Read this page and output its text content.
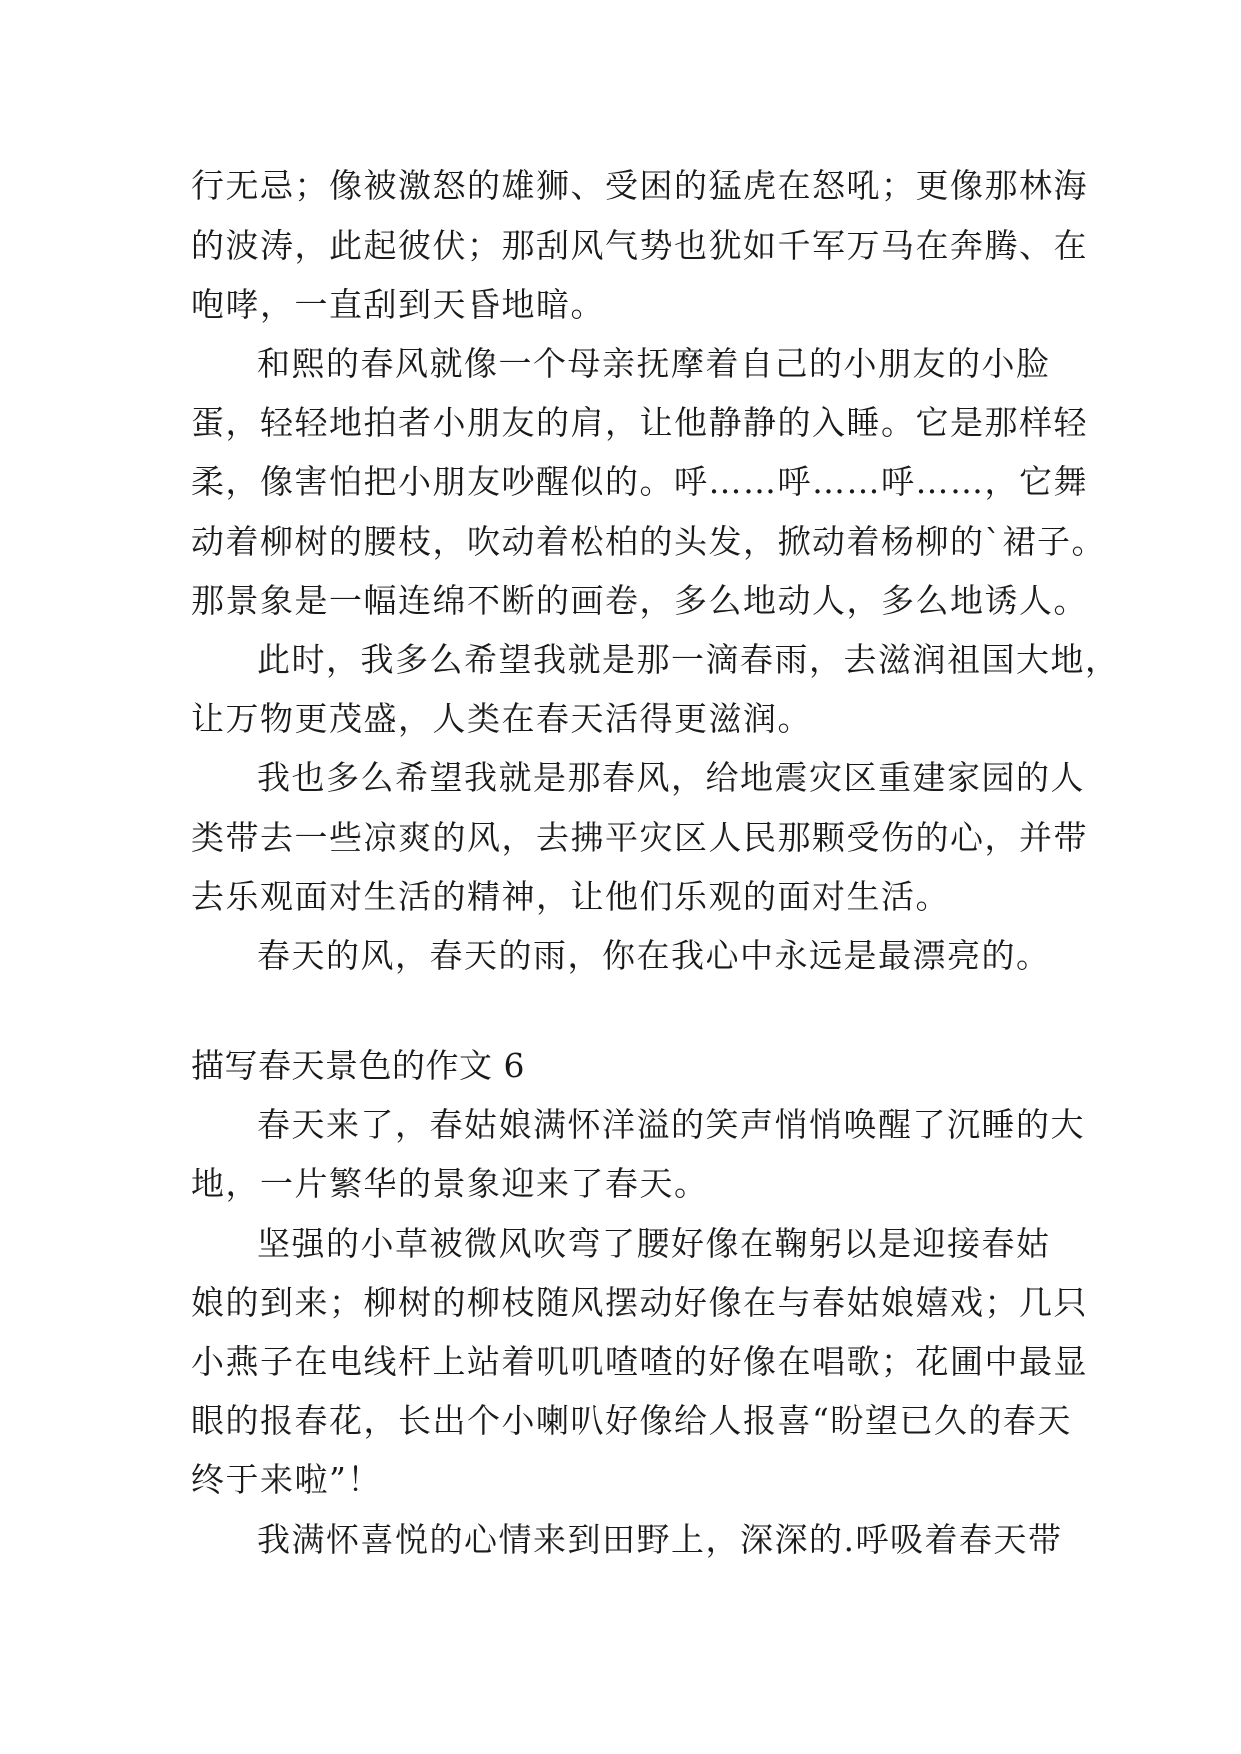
行无忌；像被激怒的雄狮、受困的猛虎在怒吼；更像那林海
的波涛，此起彼伏；那刮风气势也犹如千军万马在奔腾、在
咆哮，一直刮到天昏地暗。
和熙的春风就像一个母亲抚摩着自己的小朋友的小脸
蛋，轻轻地拍者小朋友的肩，让他静静的入睡。它是那样轻
柔，像害怕把小朋友吵醒似的。呼……呼……呼……，它舞
动着柳树的腰枝，吹动着松柏的头发，掀动着杨柳的`裙子。
那景象是一幅连绵不断的画卷，多么地动人，多么地诱人。
此时，我多么希望我就是那一滴春雨，去滋润祖国大地，
让万物更茂盛，人类在春天活得更滋润。
我也多么希望我就是那春风，给地震灾区重建家园的人
类带去一些凉爽的风，去拂平灾区人民那颗受伤的心，并带
去乐观面对生活的精神，让他们乐观的面对生活。
春天的风，春天的雨，你在我心中永远是最漂亮的。
描写春天景色的作文 6
春天来了，春姑娘满怀洋溢的笑声悄悄唤醒了沉睡的大
地，一片繁华的景象迎来了春天。
坚强的小草被微风吹弯了腰好像在鞠躬以是迎接春姑
娘的到来；柳树的柳枝随风摆动好像在与春姑娘嬉戏；几只
小燕子在电线杆上站着叽叽喳喳的好像在唱歌；花圃中最显
眼的报春花，长出个小喇叭好像给人报喜“盼望已久的春天
终于来啦”！
我满怀喜悦的心情来到田野上，深深的.呼吸着春天带
